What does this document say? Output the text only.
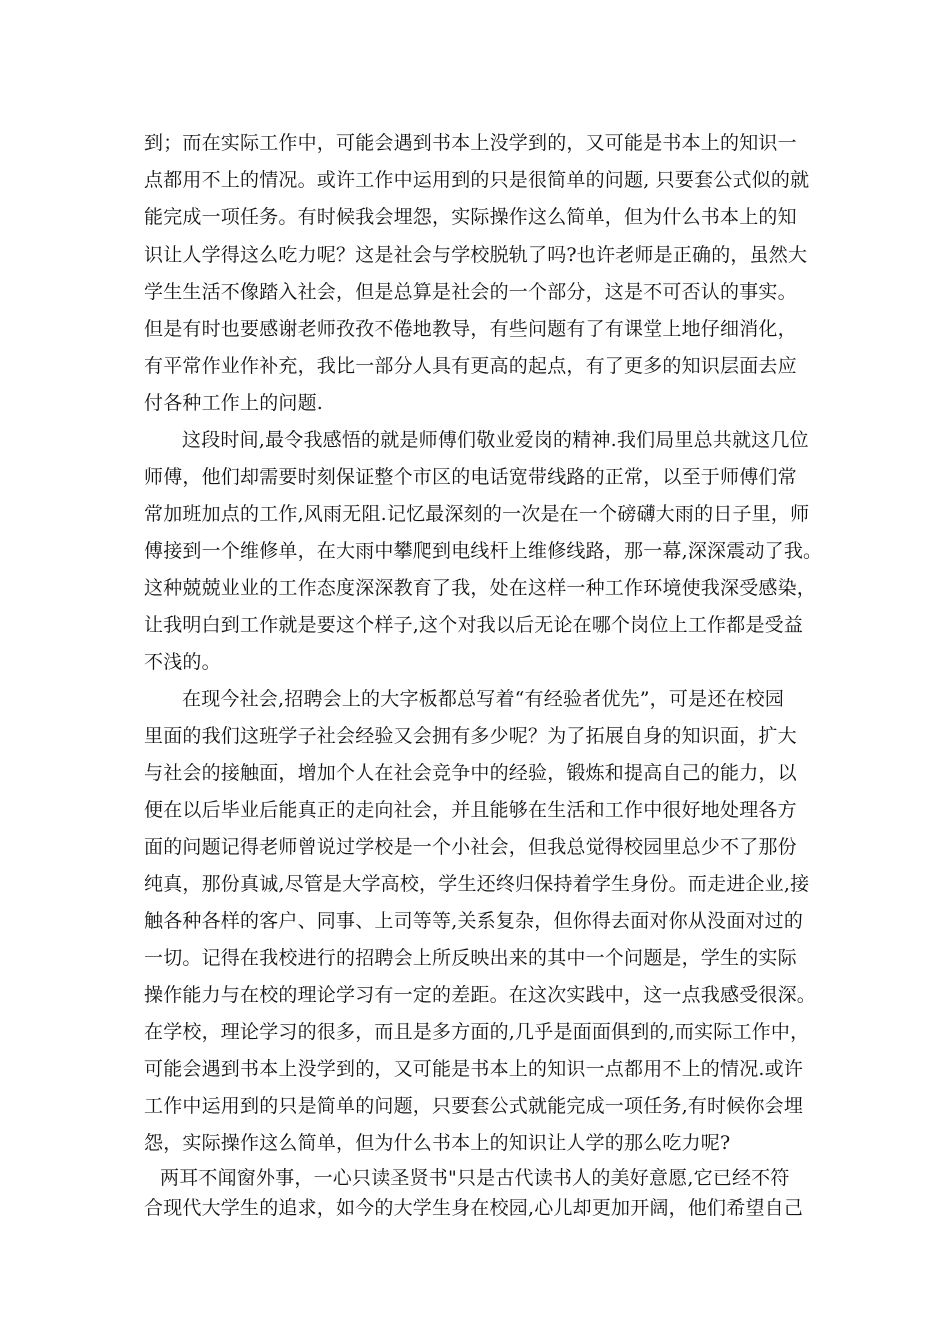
到；而在实际工作中，可能会遇到书本上没学到的，又可能是书本上的知识一
点都用不上的情况。或许工作中运用到的只是很简单的问题, 只要套公式似的就
能完成一项任务。有时候我会埋怨，实际操作这么简单，但为什么书本上的知
识让人学得这么吃力呢？这是社会与学校脱轨了吗?也许老师是正确的，虽然大
学生生活不像踏入社会，但是总算是社会的一个部分，这是不可否认的事实。
但是有时也要感谢老师孜孜不倦地教导，有些问题有了有课堂上地仔细消化，
有平常作业作补充，我比一部分人具有更高的起点，有了更多的知识层面去应
付各种工作上的问题.
这段时间,最令我感悟的就是师傅们敬业爱岗的精神.我们局里总共就这几位
师傅，他们却需要时刻保证整个市区的电话宽带线路的正常，以至于师傅们常
常加班加点的工作,风雨无阻.记忆最深刻的一次是在一个磅礴大雨的日子里，师
傅接到一个维修单，在大雨中攀爬到电线杆上维修线路，那一幕,深深震动了我。
这种兢兢业业的工作态度深深教育了我，处在这样一种工作环境使我深受感染，
让我明白到工作就是要这个样子,这个对我以后无论在哪个岗位上工作都是受益
不浅的。
在现今社会,招聘会上的大字板都总写着“有经验者优先”，可是还在校园
里面的我们这班学子社会经验又会拥有多少呢？为了拓展自身的知识面，扩大
与社会的接触面，增加个人在社会竞争中的经验，锻炼和提高自己的能力，以
便在以后毕业后能真正的走向社会，并且能够在生活和工作中很好地处理各方
面的问题记得老师曾说过学校是一个小社会，但我总觉得校园里总少不了那份
纯真，那份真诚,尽管是大学高校，学生还终归保持着学生身份。而走进企业,接
触各种各样的客户、同事、上司等等,关系复杂，但你得去面对你从没面对过的
一切。记得在我校进行的招聘会上所反映出来的其中一个问题是，学生的实际
操作能力与在校的理论学习有一定的差距。在这次实践中，这一点我感受很深。
在学校，理论学习的很多，而且是多方面的,几乎是面面俱到的,而实际工作中，
可能会遇到书本上没学到的，又可能是书本上的知识一点都用不上的情况.或许
工作中运用到的只是简单的问题，只要套公式就能完成一项任务,有时候你会埋
怨，实际操作这么简单，但为什么书本上的知识让人学的那么吃力呢?
两耳不闻窗外事，一心只读圣贤书"只是古代读书人的美好意愿,它已经不符
合现代大学生的追求，如今的大学生身在校园,心儿却更加开阔，他们希望自己
